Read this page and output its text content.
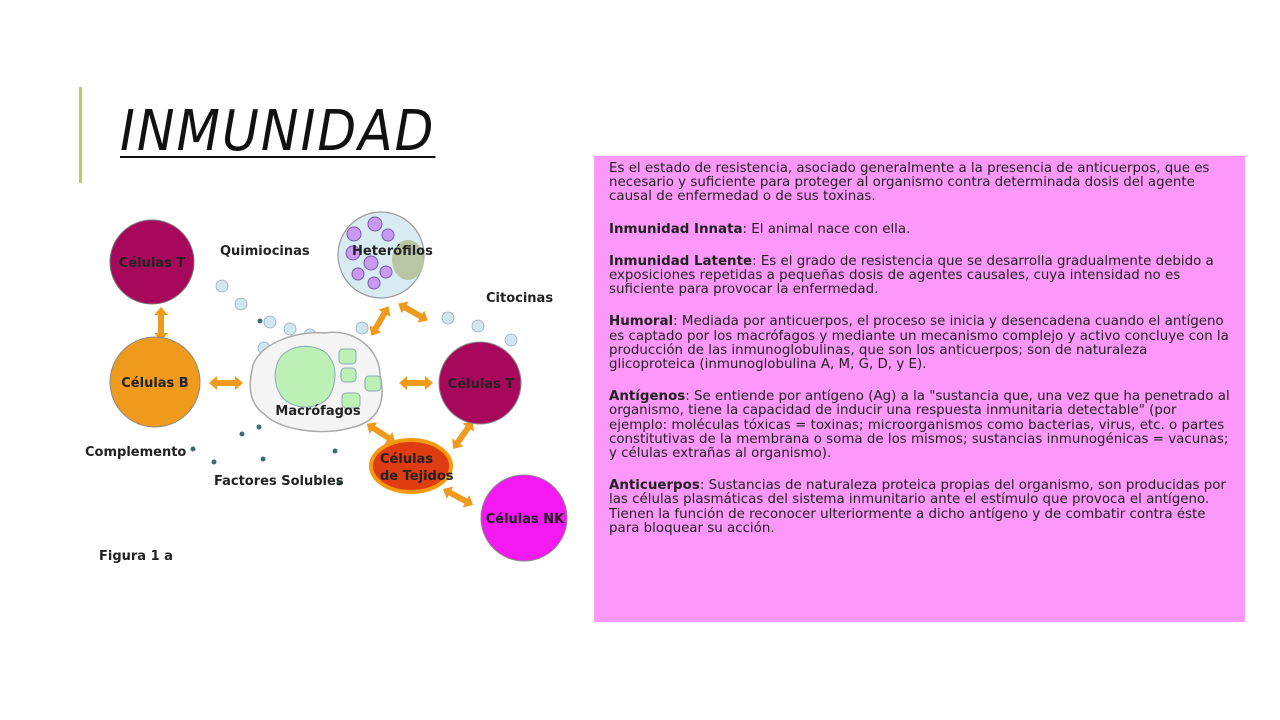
INMUNIDAD
Células T
Heterófilos
Quimiocinas
Citocinas
Células B
Macrófagos
Células T
Células
de Tejidos
Células NK
Complemento
Factores Solubles
Figura 1 a

Es el estado de resistencia, asociado generalmente a la presencia de anticuerpos, que es necesario y suficiente para proteger al organismo contra determinada dosis del agente causal de enfermedad o de sus toxinas.

Inmunidad Innata: El animal nace con ella.

Inmunidad Latente: Es el grado de resistencia que se desarrolla gradualmente debido a exposiciones repetidas a pequeñas dosis de agentes causales, cuya intensidad no es suficiente para provocar la enfermedad.

Humoral: Mediada por anticuerpos, el proceso se inicia y desencadena cuando el antígeno es captado por los macrófagos y mediante un mecanismo complejo y activo concluye con la producción de las inmunoglobulinas, que son los anticuerpos; son de naturaleza glicoproteica (inmunoglobulina A, M, G, D, y E).

Antígenos: Se entiende por antígeno (Ag) a la "sustancia que, una vez que ha penetrado al organismo, tiene la capacidad de inducir una respuesta inmunitaria detectable" (por ejemplo: moléculas tóxicas = toxinas; microorganismos como bacterias, virus, etc. o partes constitutivas de la membrana o soma de los mismos; sustancias inmunogénicas = vacunas; y células extrañas al organismo).

Anticuerpos: Sustancias de naturaleza proteica propias del organismo, son producidas por las células plasmáticas del sistema inmunitario ante el estímulo que provoca el antígeno. Tienen la función de reconocer ulteriormente a dicho antígeno y de combatir contra éste para bloquear su acción.
